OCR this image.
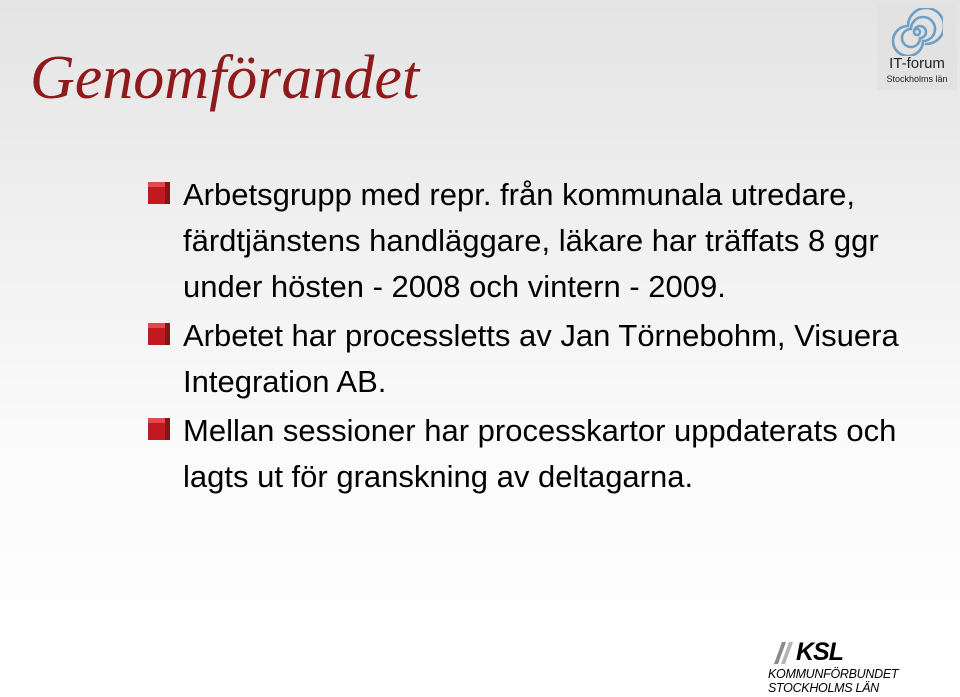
Genomförandet	IT-forum
Stockholms län
Arbetsgrupp med repr. från kommunala utredare, färdtjänstens handläggare, läkare har träffats 8 ggr under hösten - 2008 och vintern - 2009.
Arbetet har processletts av Jan Törnebohm, Visuera Integration AB.
Mellan sessioner har processkartor uppdaterats och lagts ut för granskning av deltagarna.
KSL
KOMMUNFÖRBUNDET
STOCKHOLMS LÄN
